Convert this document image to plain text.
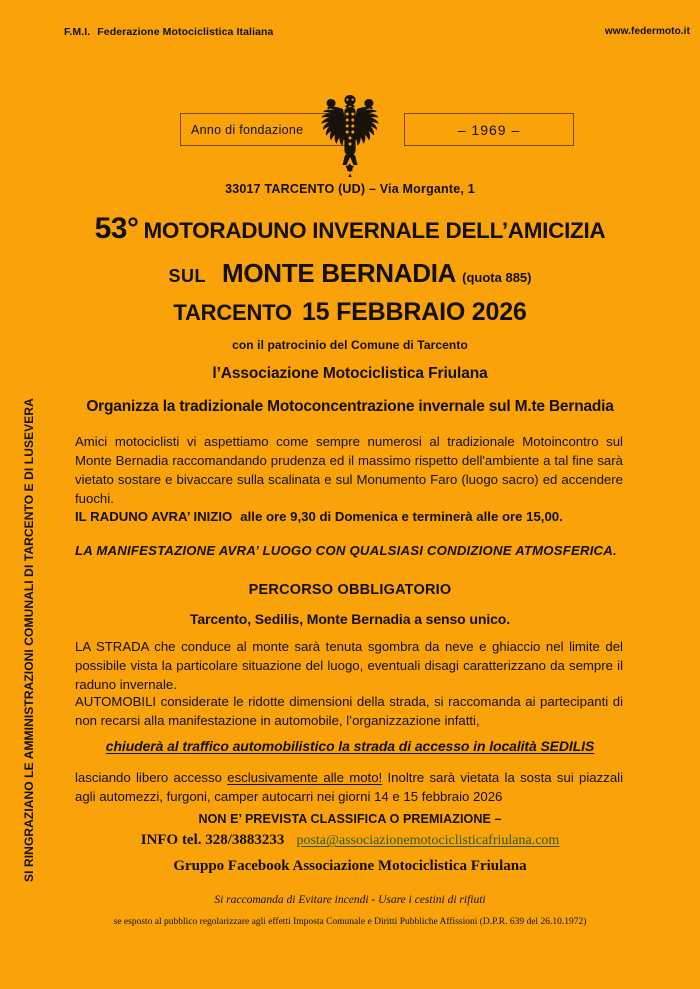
F.M.I. Federazione Motociclistica Italiana	www.federmoto.it
Anno di fondazione	– 1969 –
33017 TARCENTO (UD) – Via Morgante, 1
53° MOTORADUNO INVERNALE DELL’AMICIZIA
SUL MONTE BERNADIA (quota 885)
TARCENTO 15 FEBBRAIO 2026
con il patrocinio del Comune di Tarcento
l’Associazione Motociclistica Friulana
Organizza la tradizionale Motoconcentrazione invernale sul M.te Bernadia

Amici motociclisti vi aspettiamo come sempre numerosi al tradizionale Motoincontro sul Monte Bernadia raccomandando prudenza ed il massimo rispetto dell'ambiente a tal fine sarà vietato sostare e bivaccare sulla scalinata e sul Monumento Faro (luogo sacro) ed accendere fuochi.

IL RADUNO AVRA’ INIZIO alle ore 9,30 di Domenica e terminerà alle ore 15,00.

LA MANIFESTAZIONE AVRA’ LUOGO CON QUALSIASI CONDIZIONE ATMOSFERICA.

PERCORSO OBBLIGATORIO
Tarcento, Sedilis, Monte Bernadia a senso unico.

LA STRADA che conduce al monte sarà tenuta sgombra da neve e ghiaccio nel limite del possibile vista la particolare situazione del luogo, eventuali disagi caratterizzano da sempre il raduno invernale.

AUTOMOBILI considerate le ridotte dimensioni della strada, si raccomanda ai partecipanti di non recarsi alla manifestazione in automobile, l’organizzazione infatti,

chiuderà al traffico automobilistico la strada di accesso in località SEDILIS

lasciando libero accesso esclusivamente alle moto! Inoltre sarà vietata la sosta sui piazzali agli automezzi, furgoni, camper autocarri nei giorni 14 e 15 febbraio 2026

NON E’ PREVISTA CLASSIFICA O PREMIAZIONE –
INFO tel. 328/3883233 posta@associazionemotociclisticafriulana.com
Gruppo Facebook Associazione Motociclistica Friulana
Si raccomanda di Evitare incendi - Usare i cestini di rifiuti
se esposto al pubblico regolarizzare agli effetti Imposta Comunale e Diritti Pubbliche Affissioni (D.P.R. 639 del 26.10.1972)
SI RINGRAZIANO LE AMMINISTRAZIONI COMUNALI DI TARCENTO E DI LUSEVERA
